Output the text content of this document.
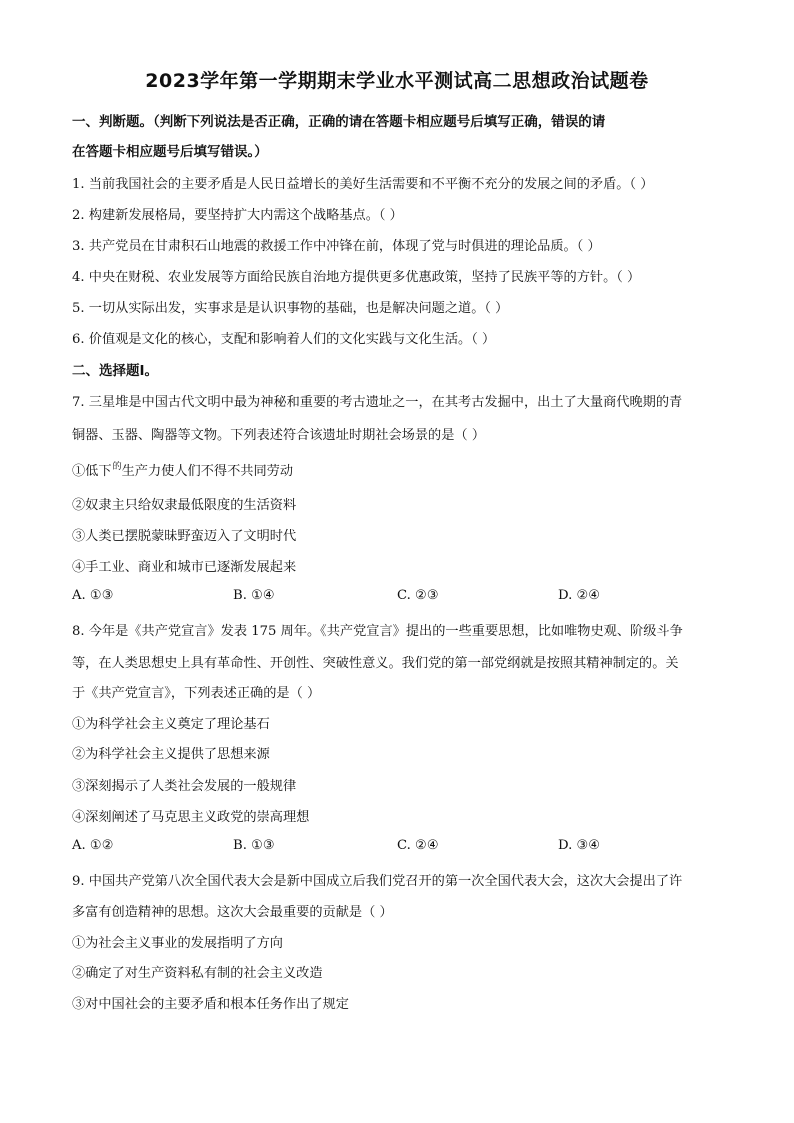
2023学年第一学期期末学业水平测试高二思想政治试题卷
一、判断题。（判断下列说法是否正确，正确的请在答题卡相应题号后填写正确，错误的请
在答题卡相应题号后填写错误。）
1. 当前我国社会的主要矛盾是人民日益增长的美好生活需要和不平衡不充分的发展之间的矛盾。（ ）
2. 构建新发展格局，要坚持扩大内需这个战略基点。（ ）
3. 共产党员在甘肃积石山地震的救援工作中冲锋在前，体现了党与时俱进的理论品质。（ ）
4. 中央在财税、农业发展等方面给民族自治地方提供更多优惠政策，坚持了民族平等的方针。（ ）
5. 一切从实际出发，实事求是是认识事物的基础，也是解决问题之道。（ ）
6. 价值观是文化的核心，支配和影响着人们的文化实践与文化生活。（ ）
二、选择题Ⅰ。
7. 三星堆是中国古代文明中最为神秘和重要的考古遗址之一，在其考古发掘中，出土了大量商代晚期的青
铜器、玉器、陶器等文物。下列表述符合该遗址时期社会场景的是（ ）
①低下$^的$生产力使人们不得不共同劳动
②奴隶主只给奴隶最低限度的生活资料
③人类已摆脱蒙昧野蛮迈入了文明时代
④手工业、商业和城市已逐渐发展起来
A. ①③	B. ①④	C. ②③	D. ②④
8. 今年是《共产党宣言》发表 175 周年。《共产党宣言》提出的一些重要思想，比如唯物史观、阶级斗争
等，在人类思想史上具有革命性、开创性、突破性意义。我们党的第一部党纲就是按照其精神制定的。关
于《共产党宣言》，下列表述正确的是（ ）
①为科学社会主义奠定了理论基石
②为科学社会主义提供了思想来源
③深刻揭示了人类社会发展的一般规律
④深刻阐述了马克思主义政党的崇高理想
A. ①②	B. ①③	C. ②④	D. ③④
9. 中国共产党第八次全国代表大会是新中国成立后我们党召开的第一次全国代表大会，这次大会提出了许
多富有创造精神的思想。这次大会最重要的贡献是（ ）
①为社会主义事业的发展指明了方向
②确定了对生产资料私有制的社会主义改造
③对中国社会的主要矛盾和根本任务作出了规定
